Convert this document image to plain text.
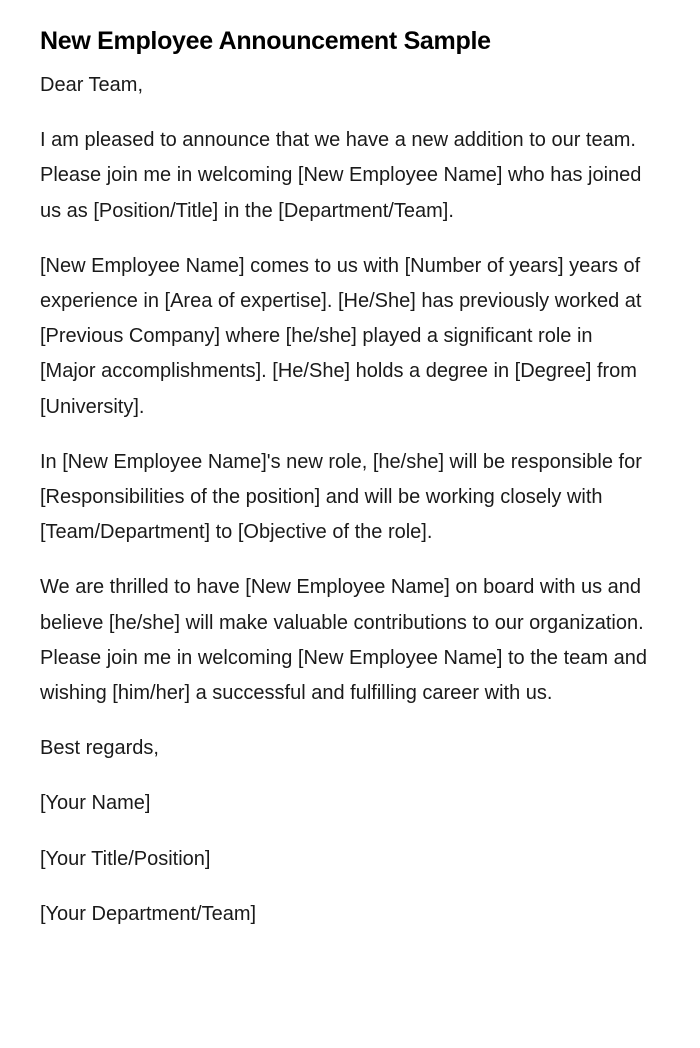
New Employee Announcement Sample

Dear Team,

I am pleased to announce that we have a new addition to our team. Please join me in welcoming [New Employee Name] who has joined us as [Position/Title] in the [Department/Team].

[New Employee Name] comes to us with [Number of years] years of experience in [Area of expertise]. [He/She] has previously worked at [Previous Company] where [he/she] played a significant role in [Major accomplishments]. [He/She] holds a degree in [Degree] from [University].

In [New Employee Name]'s new role, [he/she] will be responsible for [Responsibilities of the position] and will be working closely with [Team/Department] to [Objective of the role].

We are thrilled to have [New Employee Name] on board with us and believe [he/she] will make valuable contributions to our organization. Please join me in welcoming [New Employee Name] to the team and wishing [him/her] a successful and fulfilling career with us.

Best regards,

[Your Name]

[Your Title/Position]

[Your Department/Team]
